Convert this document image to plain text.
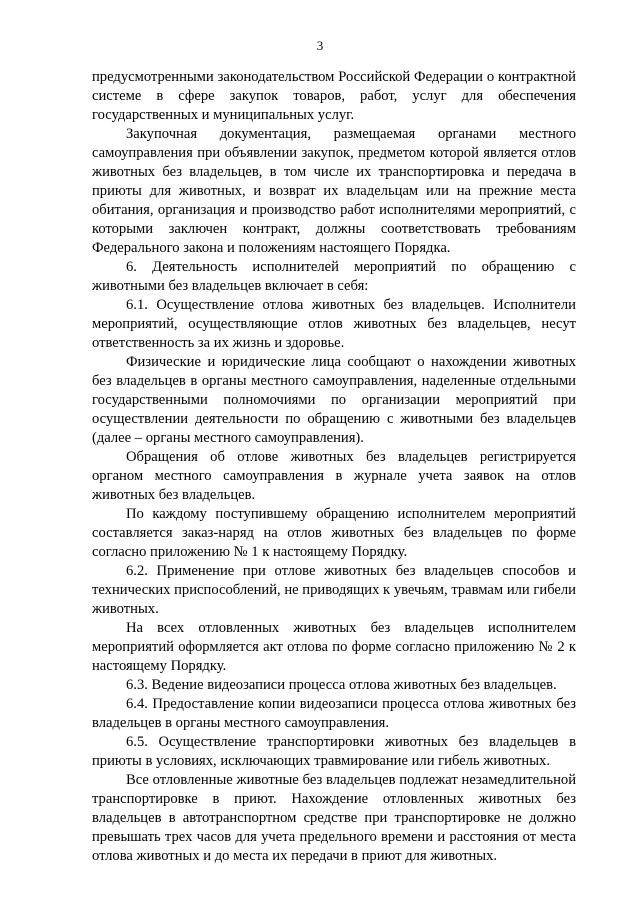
3

предусмотренными законодательством Российской Федерации о контрактной системе в сфере закупок товаров, работ, услуг для обеспечения государственных и муниципальных услуг.

Закупочная документация, размещаемая органами местного самоуправления при объявлении закупок, предметом которой является отлов животных без владельцев, в том числе их транспортировка и передача в приюты для животных, и возврат их владельцам или на прежние места обитания, организация и производство работ исполнителями мероприятий, с которыми заключен контракт, должны соответствовать требованиям Федерального закона и положениям настоящего Порядка.

6. Деятельность исполнителей мероприятий по обращению с животными без владельцев включает в себя:

6.1. Осуществление отлова животных без владельцев. Исполнители мероприятий, осуществляющие отлов животных без владельцев, несут ответственность за их жизнь и здоровье.

Физические и юридические лица сообщают о нахождении животных без владельцев в органы местного самоуправления, наделенные отдельными государственными полномочиями по организации мероприятий при осуществлении деятельности по обращению с животными без владельцев (далее – органы местного самоуправления).

Обращения об отлове животных без владельцев регистрируется органом местного самоуправления в журнале учета заявок на отлов животных без владельцев.

По каждому поступившему обращению исполнителем мероприятий составляется заказ-наряд на отлов животных без владельцев по форме согласно приложению № 1 к настоящему Порядку.

6.2. Применение при отлове животных без владельцев способов и технических приспособлений, не приводящих к увечьям, травмам или гибели животных.

На всех отловленных животных без владельцев исполнителем мероприятий оформляется акт отлова по форме согласно приложению № 2 к настоящему Порядку.

6.3. Ведение видеозаписи процесса отлова животных без владельцев.

6.4. Предоставление копии видеозаписи процесса отлова животных без владельцев в органы местного самоуправления.

6.5. Осуществление транспортировки животных без владельцев в приюты в условиях, исключающих травмирование или гибель животных.

Все отловленные животные без владельцев подлежат незамедлительной транспортировке в приют. Нахождение отловленных животных без владельцев в автотранспортном средстве при транспортировке не должно превышать трех часов для учета предельного времени и расстояния от места отлова животных и до места их передачи в приют для животных.
